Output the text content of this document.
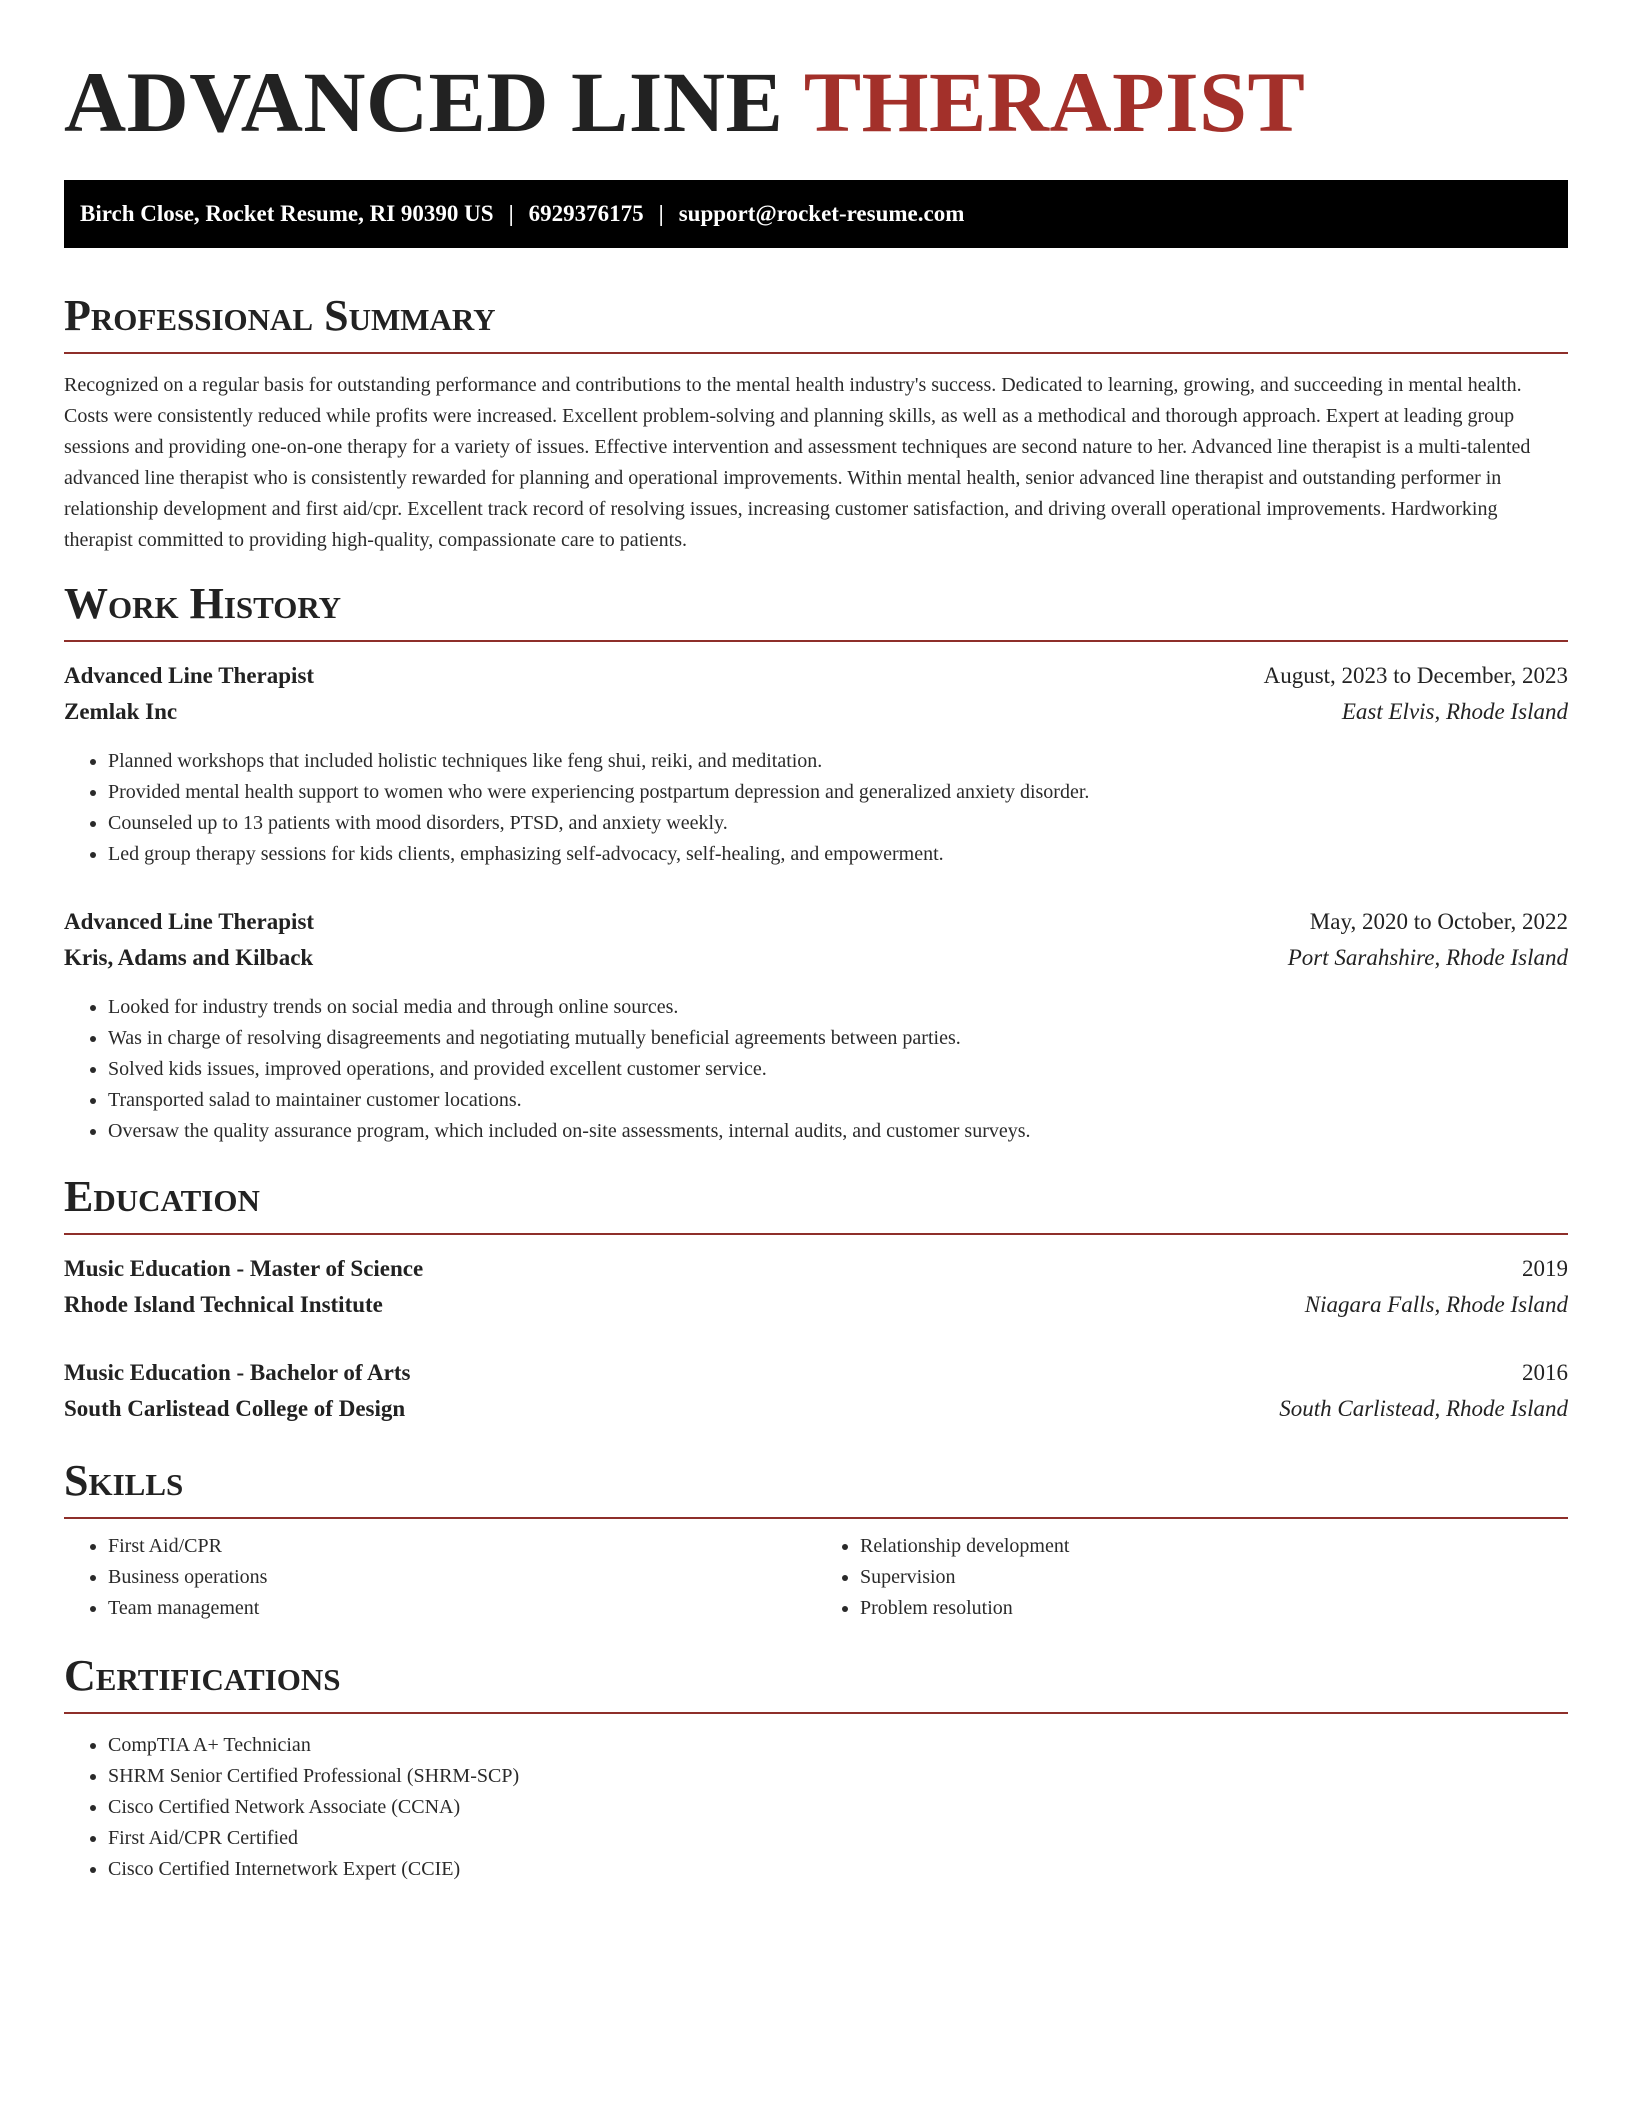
ADVANCED LINE THERAPIST
Birch Close, Rocket Resume, RI 90390 US | 6929376175 | support@rocket-resume.com
Professional Summary

Recognized on a regular basis for outstanding performance and contributions to the mental health industry's success. Dedicated to learning, growing, and succeeding in mental health. Costs were consistently reduced while profits were increased. Excellent problem-solving and planning skills, as well as a methodical and thorough approach. Expert at leading group sessions and providing one-on-one therapy for a variety of issues. Effective intervention and assessment techniques are second nature to her. Advanced line therapist is a multi-talented advanced line therapist who is consistently rewarded for planning and operational improvements. Within mental health, senior advanced line therapist and outstanding performer in relationship development and first aid/cpr. Excellent track record of resolving issues, increasing customer satisfaction, and driving overall operational improvements. Hardworking therapist committed to providing high-quality, compassionate care to patients.

Work History
Advanced Line Therapist	August, 2023 to December, 2023
Zemlak Inc	East Elvis, Rhode Island
• Planned workshops that included holistic techniques like feng shui, reiki, and meditation.
• Provided mental health support to women who were experiencing postpartum depression and generalized anxiety disorder.
• Counseled up to 13 patients with mood disorders, PTSD, and anxiety weekly.
• Led group therapy sessions for kids clients, emphasizing self-advocacy, self-healing, and empowerment.
Advanced Line Therapist	May, 2020 to October, 2022
Kris, Adams and Kilback	Port Sarahshire, Rhode Island
• Looked for industry trends on social media and through online sources.
• Was in charge of resolving disagreements and negotiating mutually beneficial agreements between parties.
• Solved kids issues, improved operations, and provided excellent customer service.
• Transported salad to maintainer customer locations.
• Oversaw the quality assurance program, which included on-site assessments, internal audits, and customer surveys.
Education
Music Education - Master of Science	2019
Rhode Island Technical Institute	Niagara Falls, Rhode Island
Music Education - Bachelor of Arts	2016
South Carlistead College of Design	South Carlistead, Rhode Island
Skills
• First Aid/CPR
• Business operations
• Team management
• Relationship development
• Supervision
• Problem resolution
Certifications
• CompTIA A+ Technician
• SHRM Senior Certified Professional (SHRM-SCP)
• Cisco Certified Network Associate (CCNA)
• First Aid/CPR Certified
• Cisco Certified Internetwork Expert (CCIE)
